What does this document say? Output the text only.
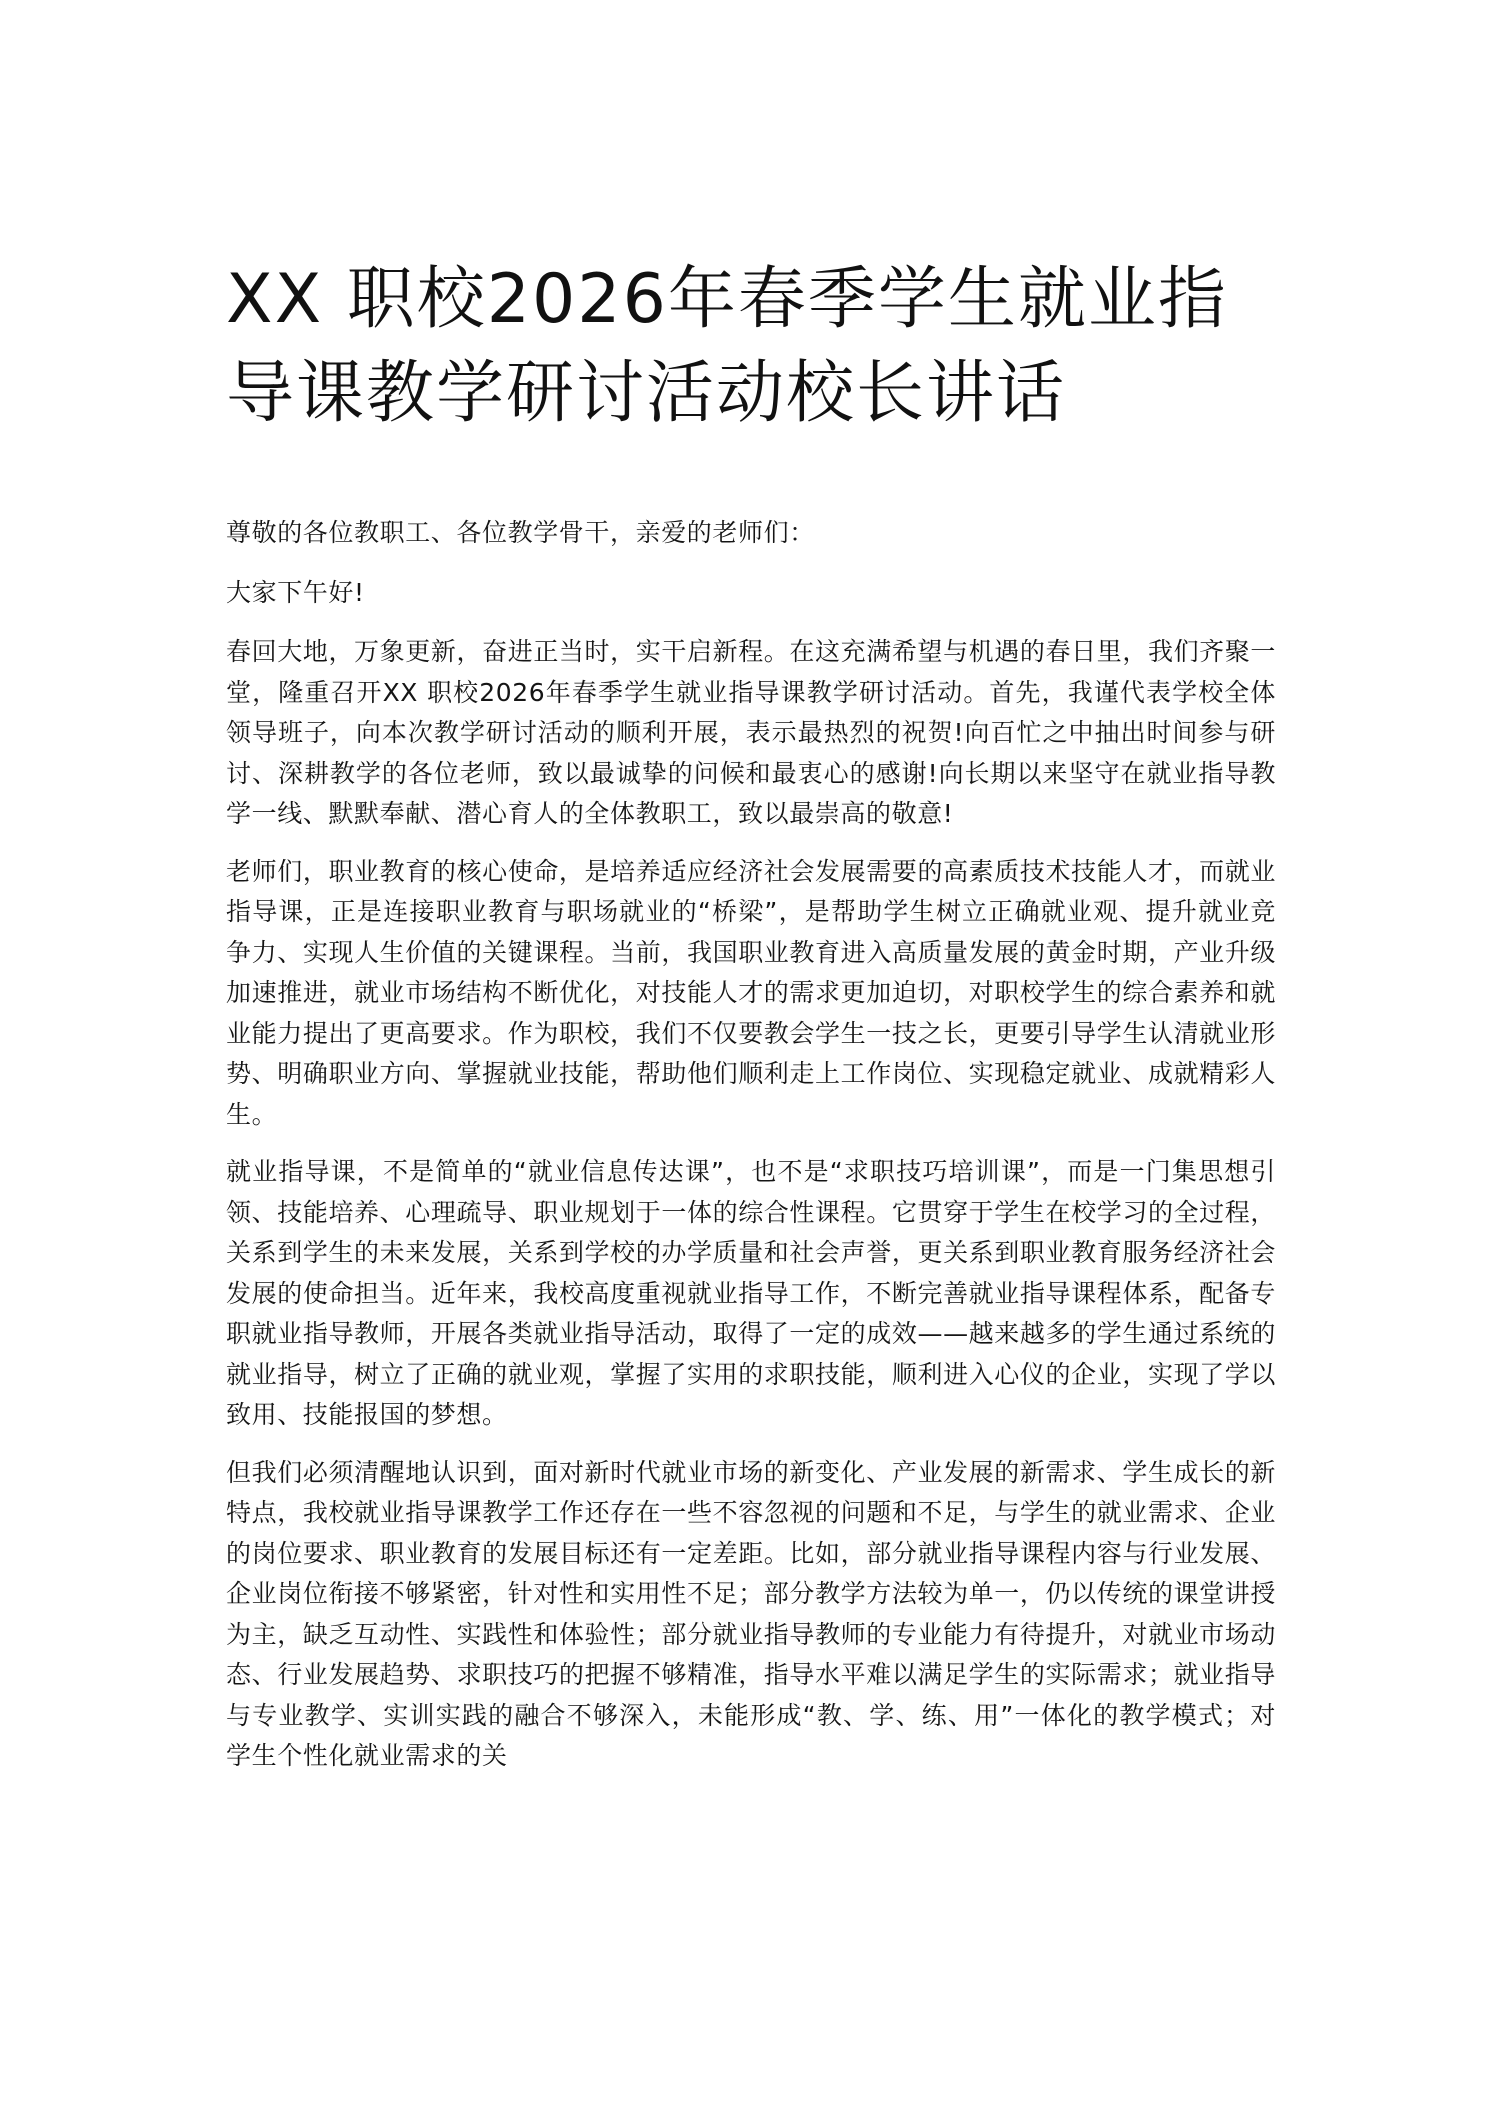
XX 职校2026年春季学生就业指导课教学研讨活动校长讲话

尊敬的各位教职工、各位教学骨干，亲爱的老师们：

大家下午好!

春回大地，万象更新，奋进正当时，实干启新程。在这充满希望与机遇的春日里，我们齐聚一堂，隆重召开XX 职校2026年春季学生就业指导课教学研讨活动。首先，我谨代表学校全体领导班子，向本次教学研讨活动的顺利开展，表示最热烈的祝贺!向百忙之中抽出时间参与研讨、深耕教学的各位老师，致以最诚挚的问候和最衷心的感谢!向长期以来坚守在就业指导教学一线、默默奉献、潜心育人的全体教职工，致以最崇高的敬意!

老师们，职业教育的核心使命，是培养适应经济社会发展需要的高素质技术技能人才，而就业指导课，正是连接职业教育与职场就业的“桥梁”，是帮助学生树立正确就业观、提升就业竞争力、实现人生价值的关键课程。当前，我国职业教育进入高质量发展的黄金时期，产业升级加速推进，就业市场结构不断优化，对技能人才的需求更加迫切，对职校学生的综合素养和就业能力提出了更高要求。作为职校，我们不仅要教会学生一技之长，更要引导学生认清就业形势、明确职业方向、掌握就业技能，帮助他们顺利走上工作岗位、实现稳定就业、成就精彩人生。

就业指导课，不是简单的“就业信息传达课”，也不是“求职技巧培训课”，而是一门集思想引领、技能培养、心理疏导、职业规划于一体的综合性课程。它贯穿于学生在校学习的全过程，关系到学生的未来发展，关系到学校的办学质量和社会声誉，更关系到职业教育服务经济社会发展的使命担当。近年来，我校高度重视就业指导工作，不断完善就业指导课程体系，配备专职就业指导教师，开展各类就业指导活动，取得了一定的成效——越来越多的学生通过系统的就业指导，树立了正确的就业观，掌握了实用的求职技能，顺利进入心仪的企业，实现了学以致用、技能报国的梦想。

但我们必须清醒地认识到，面对新时代就业市场的新变化、产业发展的新需求、学生成长的新特点，我校就业指导课教学工作还存在一些不容忽视的问题和不足，与学生的就业需求、企业的岗位要求、职业教育的发展目标还有一定差距。比如，部分就业指导课程内容与行业发展、企业岗位衔接不够紧密，针对性和实用性不足；部分教学方法较为单一，仍以传统的课堂讲授为主，缺乏互动性、实践性和体验性；部分就业指导教师的专业能力有待提升，对就业市场动态、行业发展趋势、求职技巧的把握不够精准，指导水平难以满足学生的实际需求；就业指导与专业教学、实训实践的融合不够深入，未能形成“教、学、练、用”一体化的教学模式；对学生个性化就业需求的关
